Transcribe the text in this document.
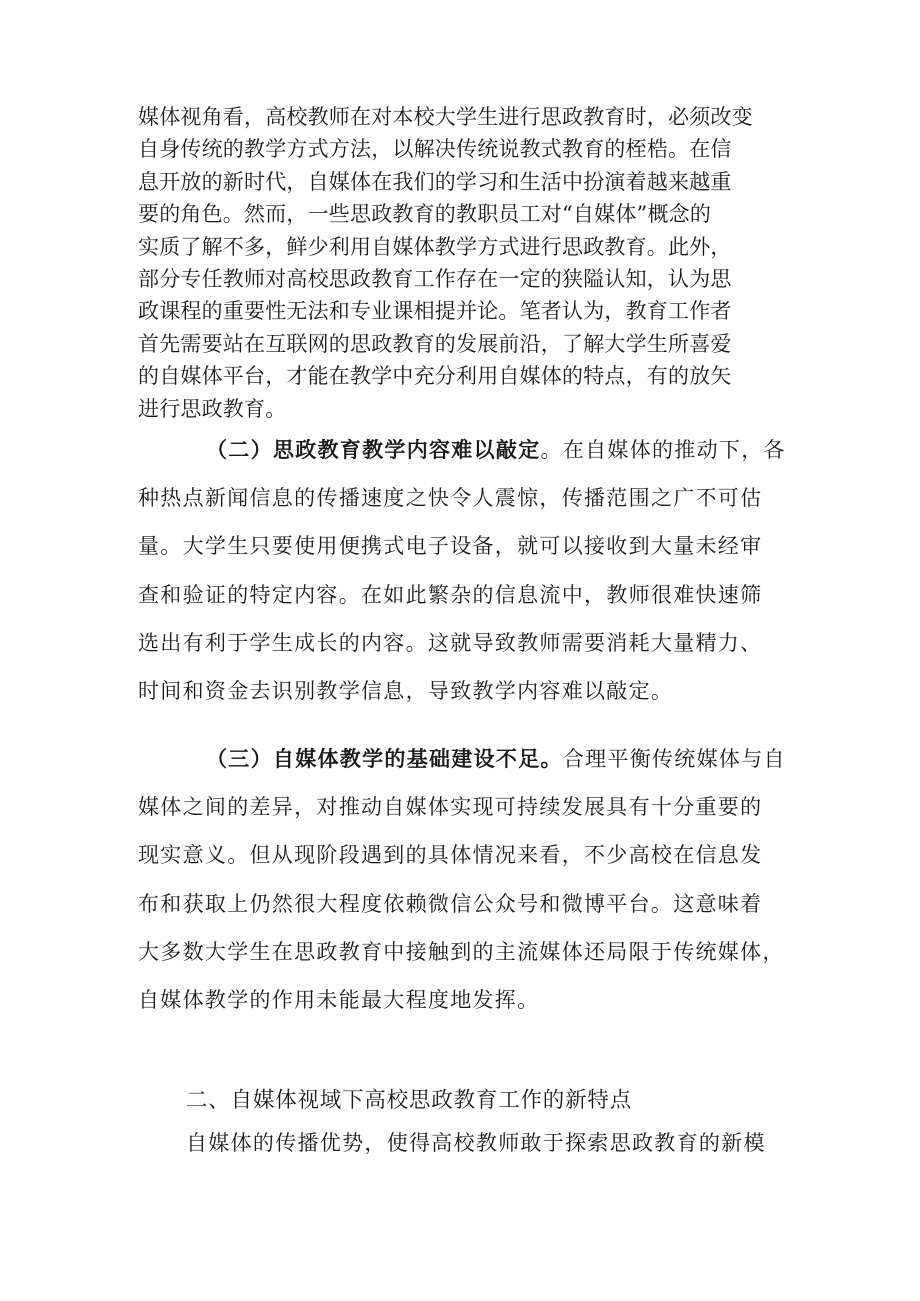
媒体视角看，高校教师在对本校大学生进行思政教育时，必须改变
自身传统的教学方式方法，以解决传统说教式教育的桎梏。在信
息开放的新时代，自媒体在我们的学习和生活中扮演着越来越重
要的角色。然而，一些思政教育的教职员工对“自媒体”概念的
实质了解不多，鲜少利用自媒体教学方式进行思政教育。此外，
部分专任教师对高校思政教育工作存在一定的狭隘认知，认为思
政课程的重要性无法和专业课相提并论。笔者认为，教育工作者
首先需要站在互联网的思政教育的发展前沿，了解大学生所喜爱
的自媒体平台，才能在教学中充分利用自媒体的特点，有的放矢
进行思政教育。
（二）思政教育教学内容难以敲定。在自媒体的推动下，各
种热点新闻信息的传播速度之快令人震惊，传播范围之广不可估
量。大学生只要使用便携式电子设备，就可以接收到大量未经审
查和验证的特定内容。在如此繁杂的信息流中，教师很难快速筛
选出有利于学生成长的内容。这就导致教师需要消耗大量精力、
时间和资金去识别教学信息，导致教学内容难以敲定。
（三）自媒体教学的基础建设不足。合理平衡传统媒体与自
媒体之间的差异，对推动自媒体实现可持续发展具有十分重要的
现实意义。但从现阶段遇到的具体情况来看，不少高校在信息发
布和获取上仍然很大程度依赖微信公众号和微博平台。这意味着
大多数大学生在思政教育中接触到的主流媒体还局限于传统媒体，
自媒体教学的作用未能最大程度地发挥。
二、自媒体视域下高校思政教育工作的新特点
自媒体的传播优势，使得高校教师敢于探索思政教育的新模
